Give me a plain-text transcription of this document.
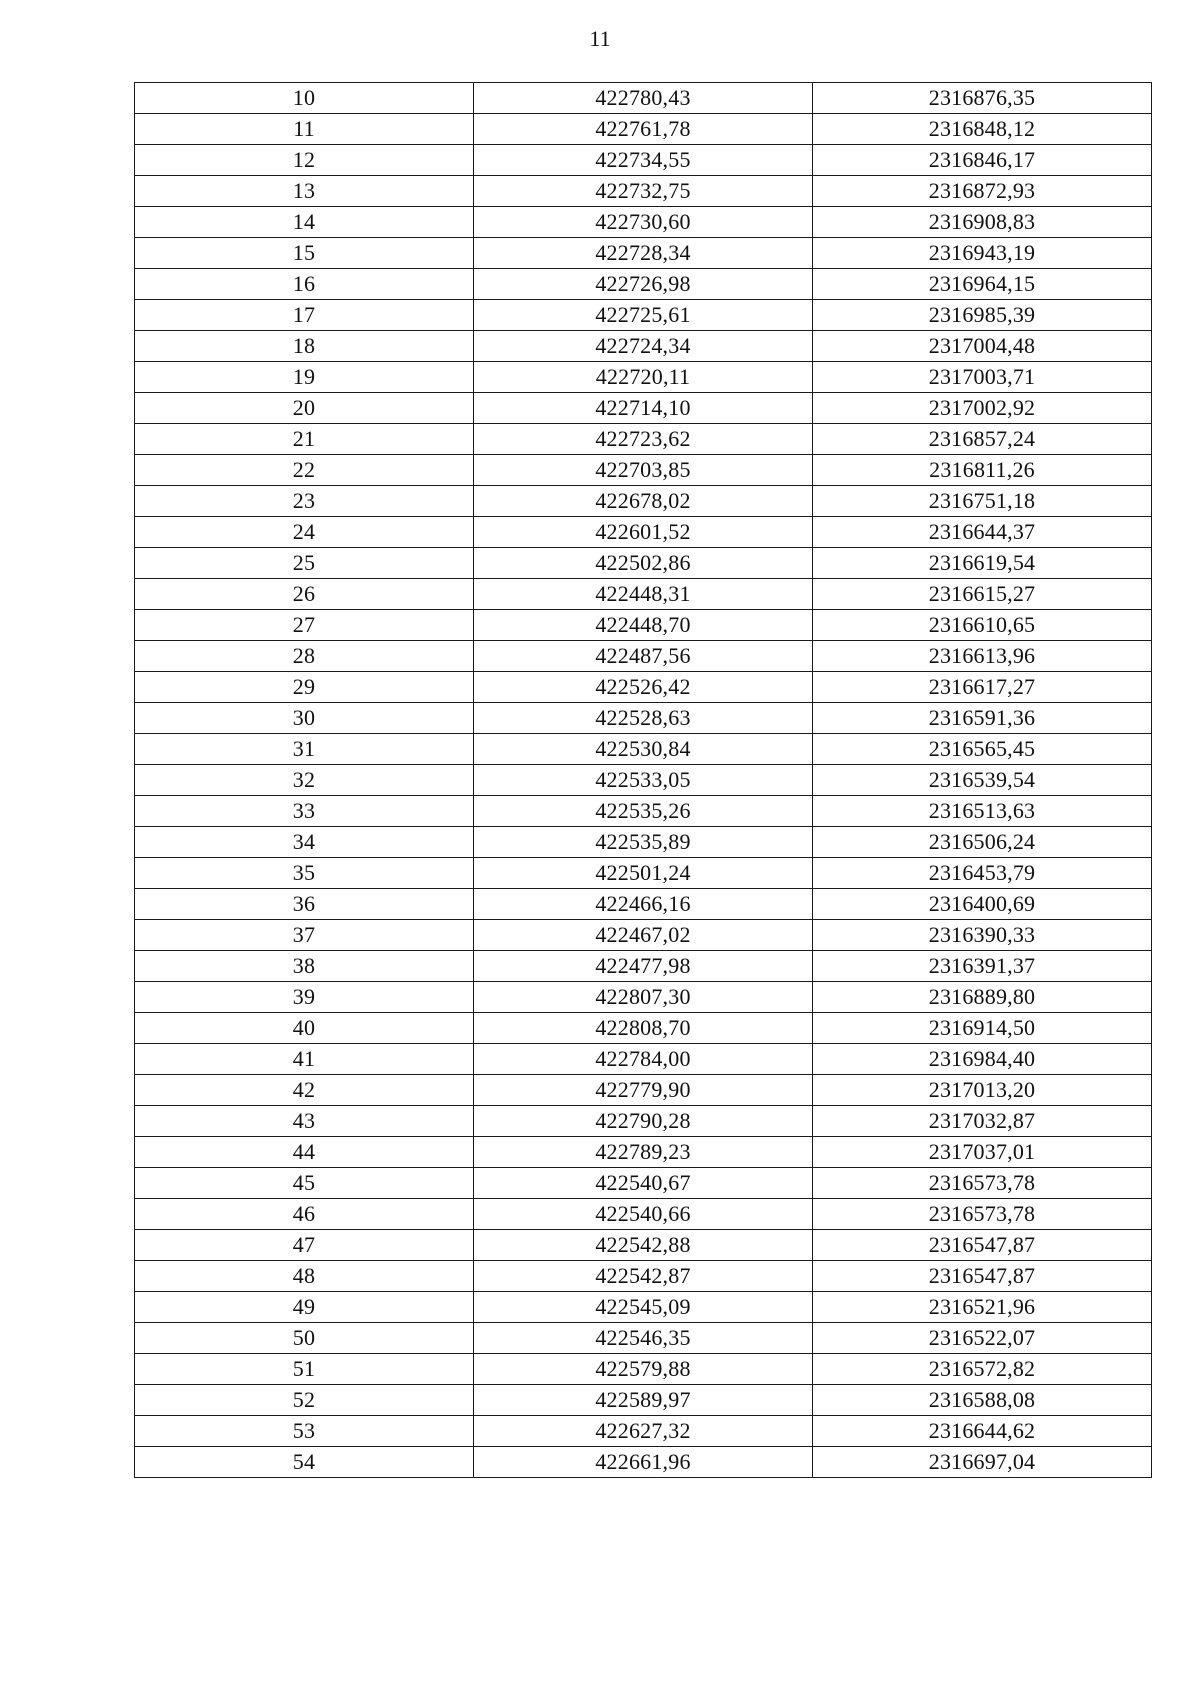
11
10	422780,43	2316876,35
11	422761,78	2316848,12
12	422734,55	2316846,17
13	422732,75	2316872,93
14	422730,60	2316908,83
15	422728,34	2316943,19
16	422726,98	2316964,15
17	422725,61	2316985,39
18	422724,34	2317004,48
19	422720,11	2317003,71
20	422714,10	2317002,92
21	422723,62	2316857,24
22	422703,85	2316811,26
23	422678,02	2316751,18
24	422601,52	2316644,37
25	422502,86	2316619,54
26	422448,31	2316615,27
27	422448,70	2316610,65
28	422487,56	2316613,96
29	422526,42	2316617,27
30	422528,63	2316591,36
31	422530,84	2316565,45
32	422533,05	2316539,54
33	422535,26	2316513,63
34	422535,89	2316506,24
35	422501,24	2316453,79
36	422466,16	2316400,69
37	422467,02	2316390,33
38	422477,98	2316391,37
39	422807,30	2316889,80
40	422808,70	2316914,50
41	422784,00	2316984,40
42	422779,90	2317013,20
43	422790,28	2317032,87
44	422789,23	2317037,01
45	422540,67	2316573,78
46	422540,66	2316573,78
47	422542,88	2316547,87
48	422542,87	2316547,87
49	422545,09	2316521,96
50	422546,35	2316522,07
51	422579,88	2316572,82
52	422589,97	2316588,08
53	422627,32	2316644,62
54	422661,96	2316697,04
